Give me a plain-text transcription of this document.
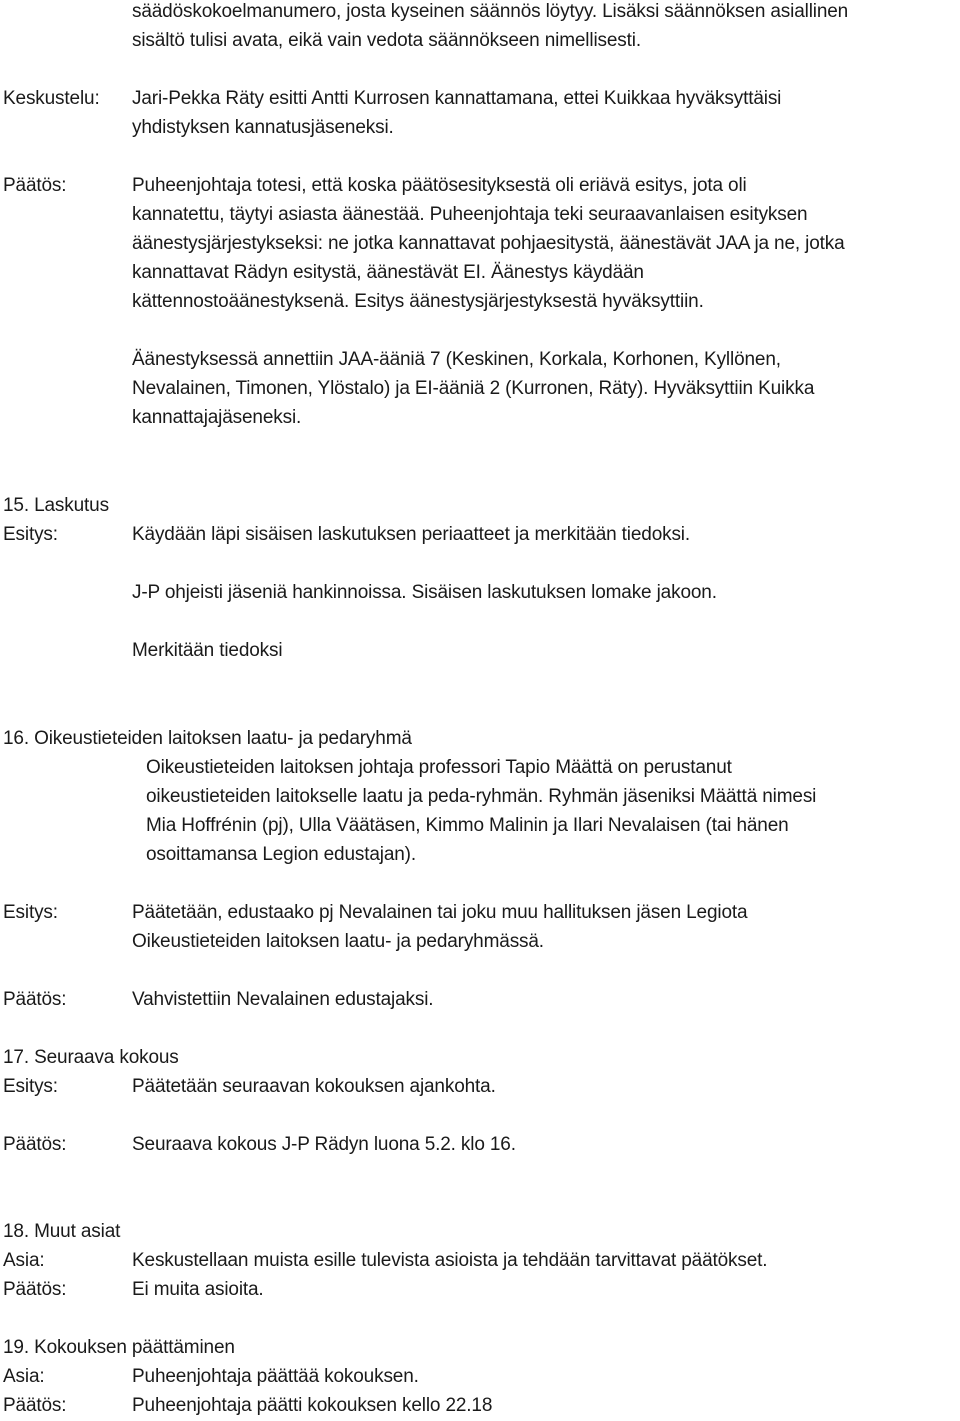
säädöskokoelmanumero, josta kyseinen säännös löytyy. Lisäksi säännöksen asiallinen
sisältö tulisi avata, eikä vain vedota säännökseen nimellisesti.
Keskustelu: Jari-Pekka Räty esitti Antti Kurrosen kannattamana, ettei Kuikkaa hyväksyttäisi
yhdistyksen kannatusjäseneksi.
Päätös:	Puheenjohtaja totesi, että koska päätösesityksestä oli eriävä esitys, jota oli
kannatettu, täytyi asiasta äänestää. Puheenjohtaja teki seuraavanlaisen esityksen
äänestysjärjestykseksi: ne jotka kannattavat pohjaesitystä, äänestävät JAA ja ne, jotka
kannattavat Rädyn esitystä, äänestävät EI. Äänestys käydään
kättennostoäänestyksenä. Esitys äänestysjärjestyksestä hyväksyttiin.
Äänestyksessä annettiin JAA-ääniä 7 (Keskinen, Korkala, Korhonen, Kyllönen,
Nevalainen, Timonen, Ylöstalo) ja EI-ääniä 2 (Kurronen, Räty). Hyväksyttiin Kuikka
kannattajajäseneksi.
15. Laskutus
Esitys:	Käydään läpi sisäisen laskutuksen periaatteet ja merkitään tiedoksi.
J-P ohjeisti jäseniä hankinnoissa. Sisäisen laskutuksen lomake jakoon.
Merkitään tiedoksi
16. Oikeustieteiden laitoksen laatu- ja pedaryhmä
Oikeustieteiden laitoksen johtaja professori Tapio Määttä on perustanut
oikeustieteiden laitokselle laatu ja peda-ryhmän. Ryhmän jäseniksi Määttä nimesi
Mia Hoffrénin (pj), Ulla Väätäsen, Kimmo Malinin ja Ilari Nevalaisen (tai hänen
osoittamansa Legion edustajan).
Esitys:	Päätetään, edustaako pj Nevalainen tai joku muu hallituksen jäsen Legiota
Oikeustieteiden laitoksen laatu- ja pedaryhmässä.
Päätös:	Vahvistettiin Nevalainen edustajaksi.
17. Seuraava kokous
Esitys:	Päätetään seuraavan kokouksen ajankohta.
Päätös:	Seuraava kokous J-P Rädyn luona 5.2. klo 16.
18. Muut asiat
Asia:	Keskustellaan muista esille tulevista asioista ja tehdään tarvittavat päätökset.
Päätös:	Ei muita asioita.
19. Kokouksen päättäminen
Asia:	Puheenjohtaja päättää kokouksen.
Päätös:	Puheenjohtaja päätti kokouksen kello 22.18
